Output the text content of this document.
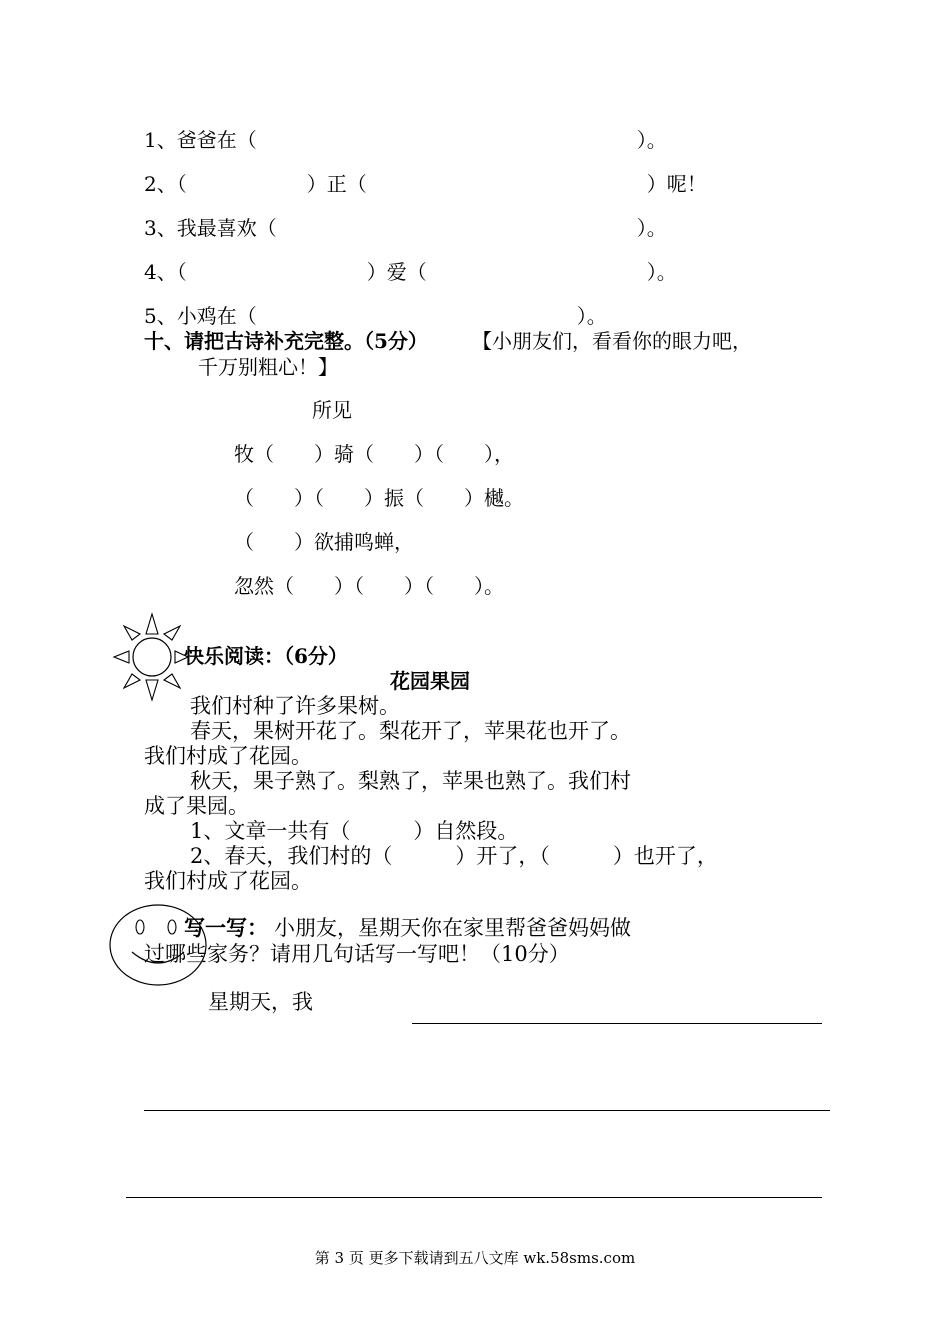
1、爸爸在（　　　　　　　　　　　　　　　　　　　）。
2、（　　　　　　）正（　　　　　　　　　　　　　　）呢！
3、我最喜欢（　　　　　　　　　　　　　　　　　　）。
4、（　　　　　　　　　）爱（　　　　　　　　　　　）。
5、小鸡在（　　　　　　　　　　　　　　　　）。
十、请把古诗补充完整。（5分） 【小朋友们，看看你的眼力吧，
千万别粗心！】
所见
牧（　　）骑（　　）（　　），
（　　）（　　）振（　　）樾。
（　　）欲捕鸣蝉，
忽然（　　）（　　）（　　）。
快乐阅读：（6分）
花园果园
我们村种了许多果树。
春天，果树开花了。梨花开了，苹果花也开了。
我们村成了花园。
秋天，果子熟了。梨熟了，苹果也熟了。我们村
成了果园。
1、文章一共有（　　　）自然段。
2、春天，我们村的（　　　）开了，（　　　）也开了，
我们村成了花园。
写一写： 小朋友，星期天你在家里帮爸爸妈妈做
过哪些家务？请用几句话写一写吧！（10分）
星期天，我
第 3 页 更多下载请到五八文库 wk.58sms.com
